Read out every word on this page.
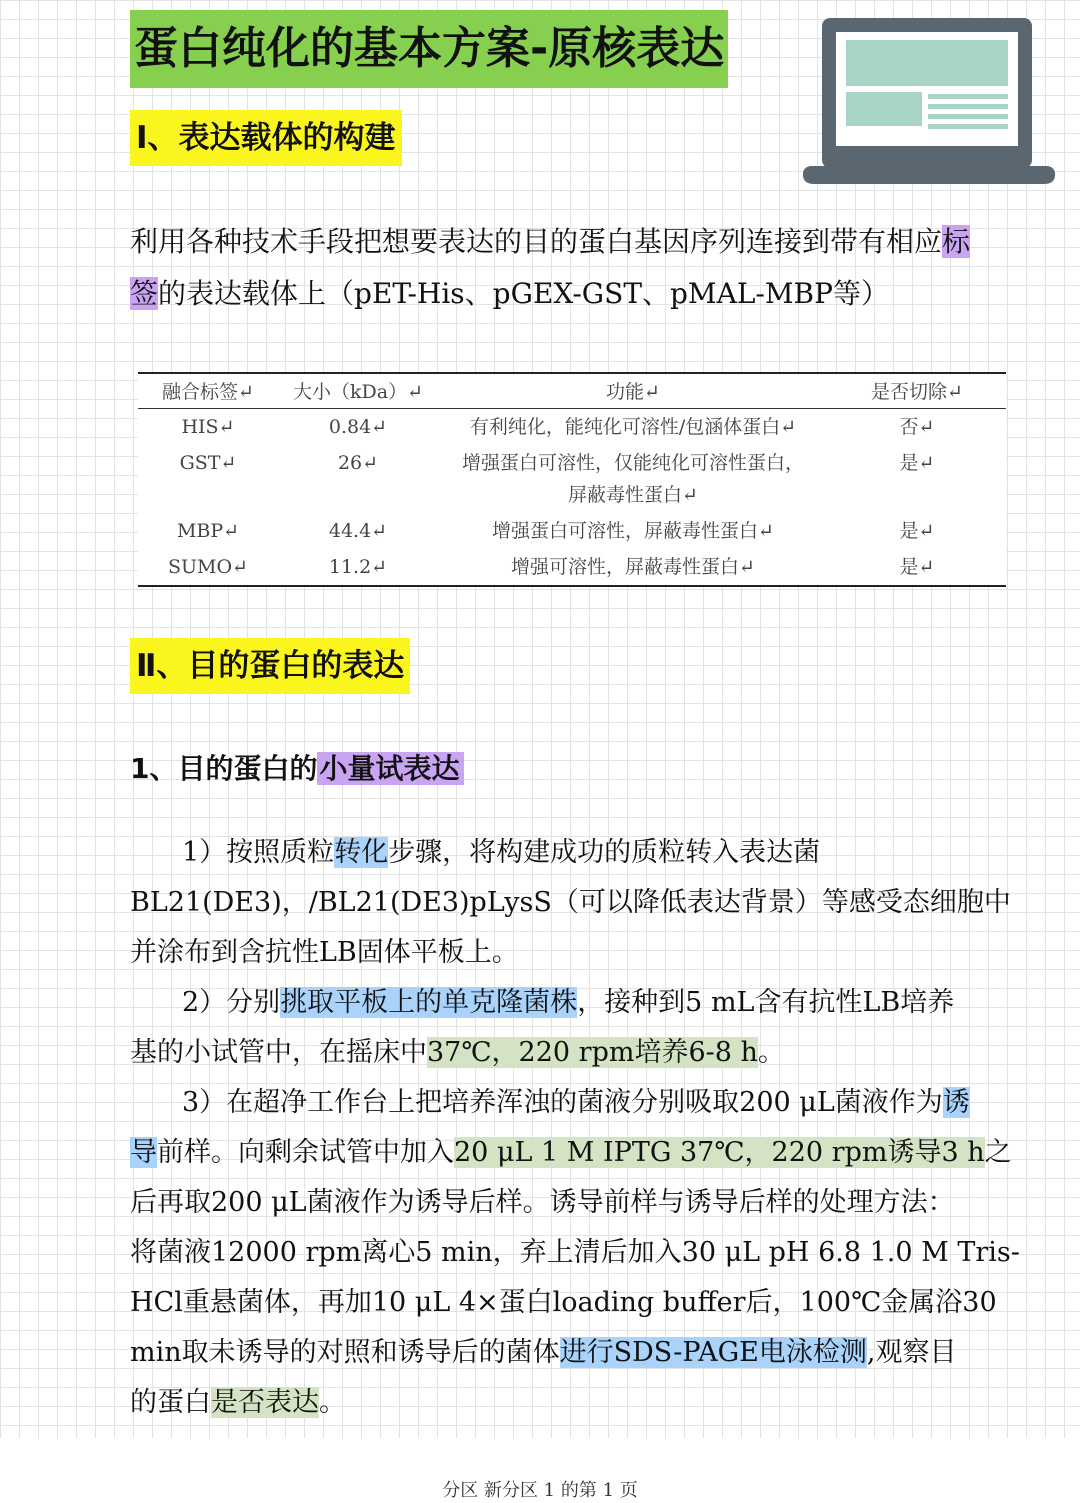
蛋白纯化的基本方案-原核表达
Ⅰ、表达载体的构建
利用各种技术手段把想要表达的目的蛋白基因序列连接到带有相应标
签的表达载体上（pET-His、pGEX-GST、pMAL-MBP等）
融合标签↵	大小（kDa）↵	功能↵	是否切除↵
HIS↵	0.84↵	有利纯化，能纯化可溶性/包涵体蛋白↵	否↵
GST↵	26↵	增强蛋白可溶性，仅能纯化可溶性蛋白，
屏蔽毒性蛋白↵	是↵
MBP↵	44.4↵	增强蛋白可溶性，屏蔽毒性蛋白↵	是↵
SUMO↵	11.2↵	增强可溶性，屏蔽毒性蛋白↵	是↵
Ⅱ、目的蛋白的表达
1、目的蛋白的小量试表达
1）按照质粒转化步骤，将构建成功的质粒转入表达菌
BL21(DE3)，/BL21(DE3)pLysS（可以降低表达背景）等感受态细胞中
并涂布到含抗性LB固体平板上。
2）分别挑取平板上的单克隆菌株，接种到5 mL含有抗性LB培养
基的小试管中，在摇床中37℃，220 rpm培养6-8 h。
3）在超净工作台上把培养浑浊的菌液分别吸取200 μL菌液作为诱
导前样。向剩余试管中加入20 μL 1 M IPTG 37℃，220 rpm诱导3 h之
后再取200 μL菌液作为诱导后样。诱导前样与诱导后样的处理方法：
将菌液12000 rpm离心5 min，弃上清后加入30 μL pH 6.8 1.0 M Tris-
HCl重悬菌体，再加10 μL 4×蛋白loading buffer后，100℃金属浴30
min取未诱导的对照和诱导后的菌体进行SDS-PAGE电泳检测,观察目
的蛋白是否表达。
分区 新分区 1 的第 1 页
